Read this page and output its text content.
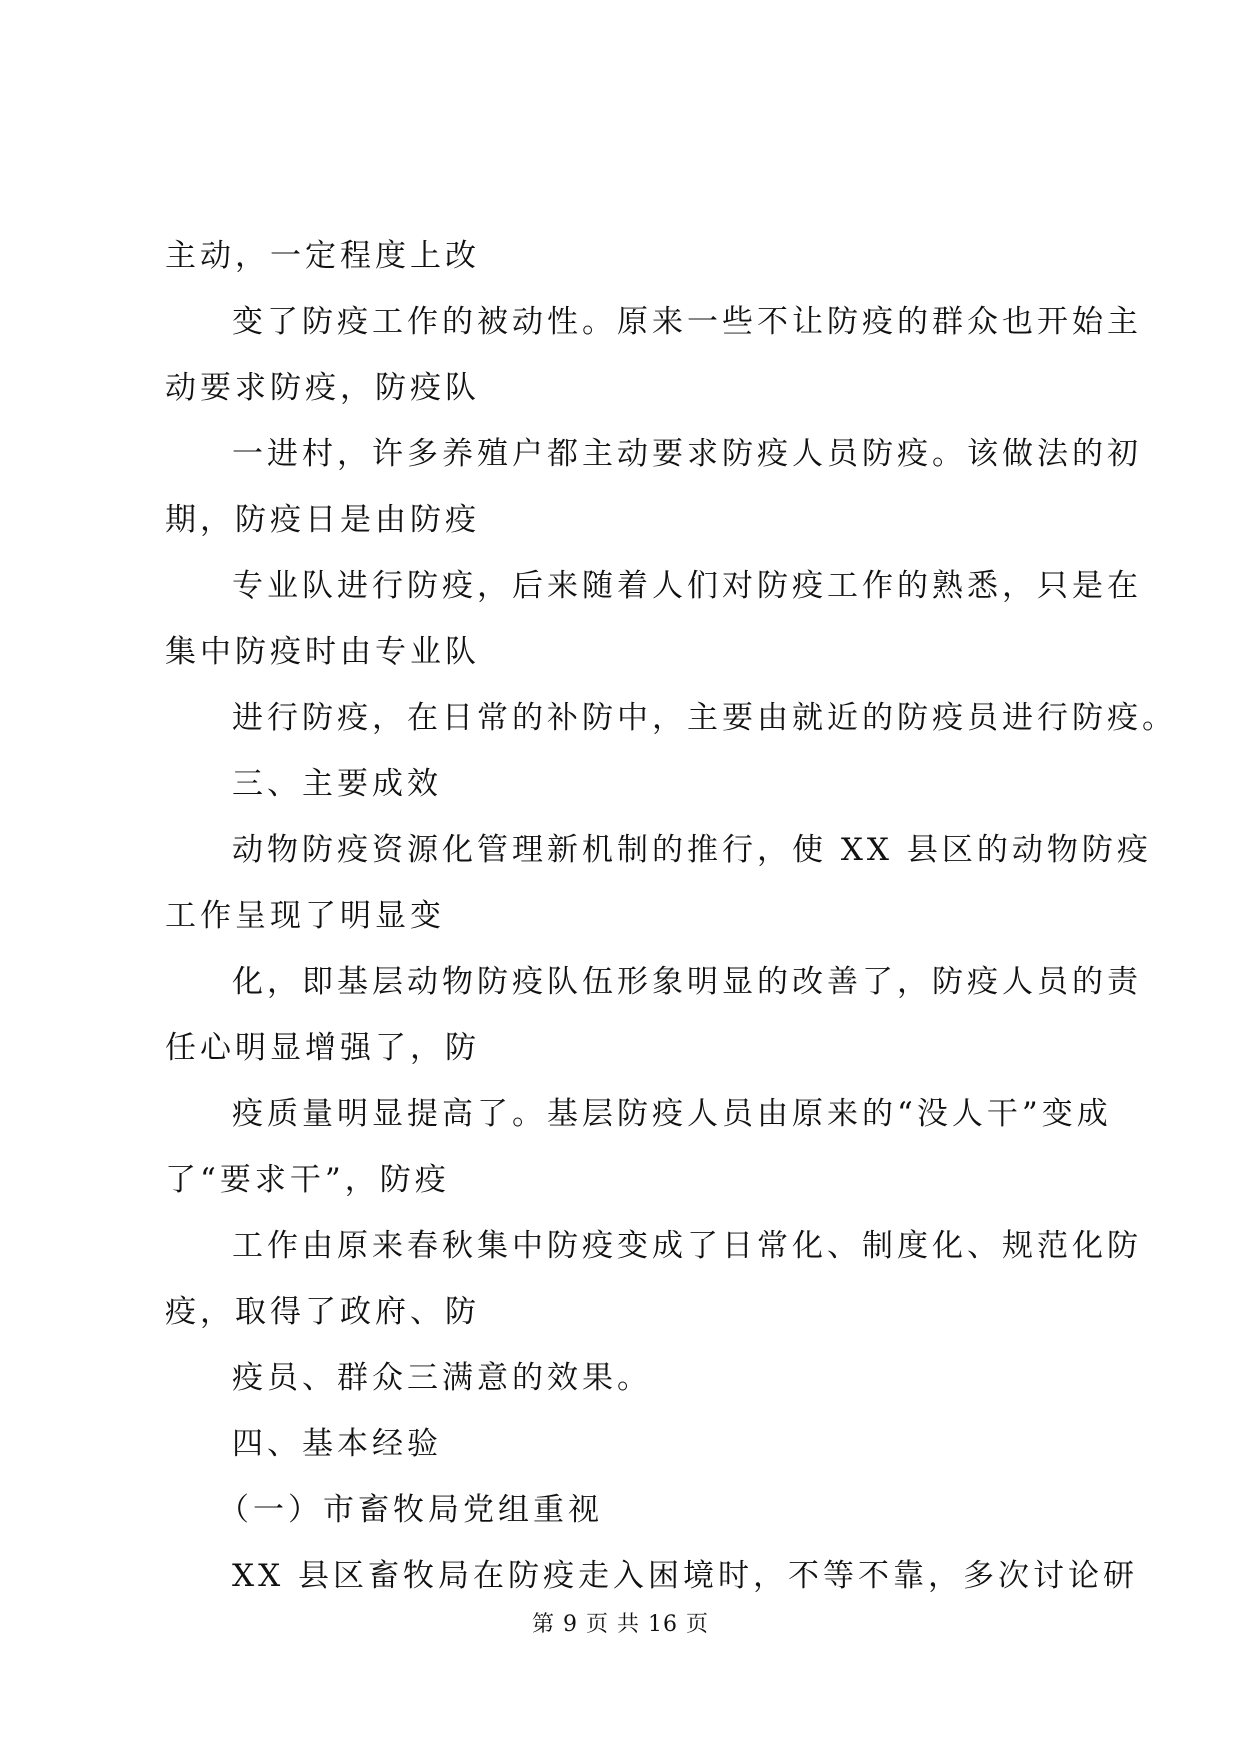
主动，一定程度上改
变了防疫工作的被动性。原来一些不让防疫的群众也开始主
动要求防疫，防疫队
一进村，许多养殖户都主动要求防疫人员防疫。该做法的初
期，防疫日是由防疫
专业队进行防疫，后来随着人们对防疫工作的熟悉，只是在
集中防疫时由专业队
进行防疫，在日常的补防中，主要由就近的防疫员进行防疫。
三、主要成效
动物防疫资源化管理新机制的推行，使 XX 县区的动物防疫
工作呈现了明显变
化，即基层动物防疫队伍形象明显的改善了，防疫人员的责
任心明显增强了，防
疫质量明显提高了。基层防疫人员由原来的“没人干”变成
了“要求干”，防疫
工作由原来春秋集中防疫变成了日常化、制度化、规范化防
疫，取得了政府、防
疫员、群众三满意的效果。
四、基本经验
（一）市畜牧局党组重视
XX 县区畜牧局在防疫走入困境时，不等不靠，多次讨论研
第 9 页 共 16 页
